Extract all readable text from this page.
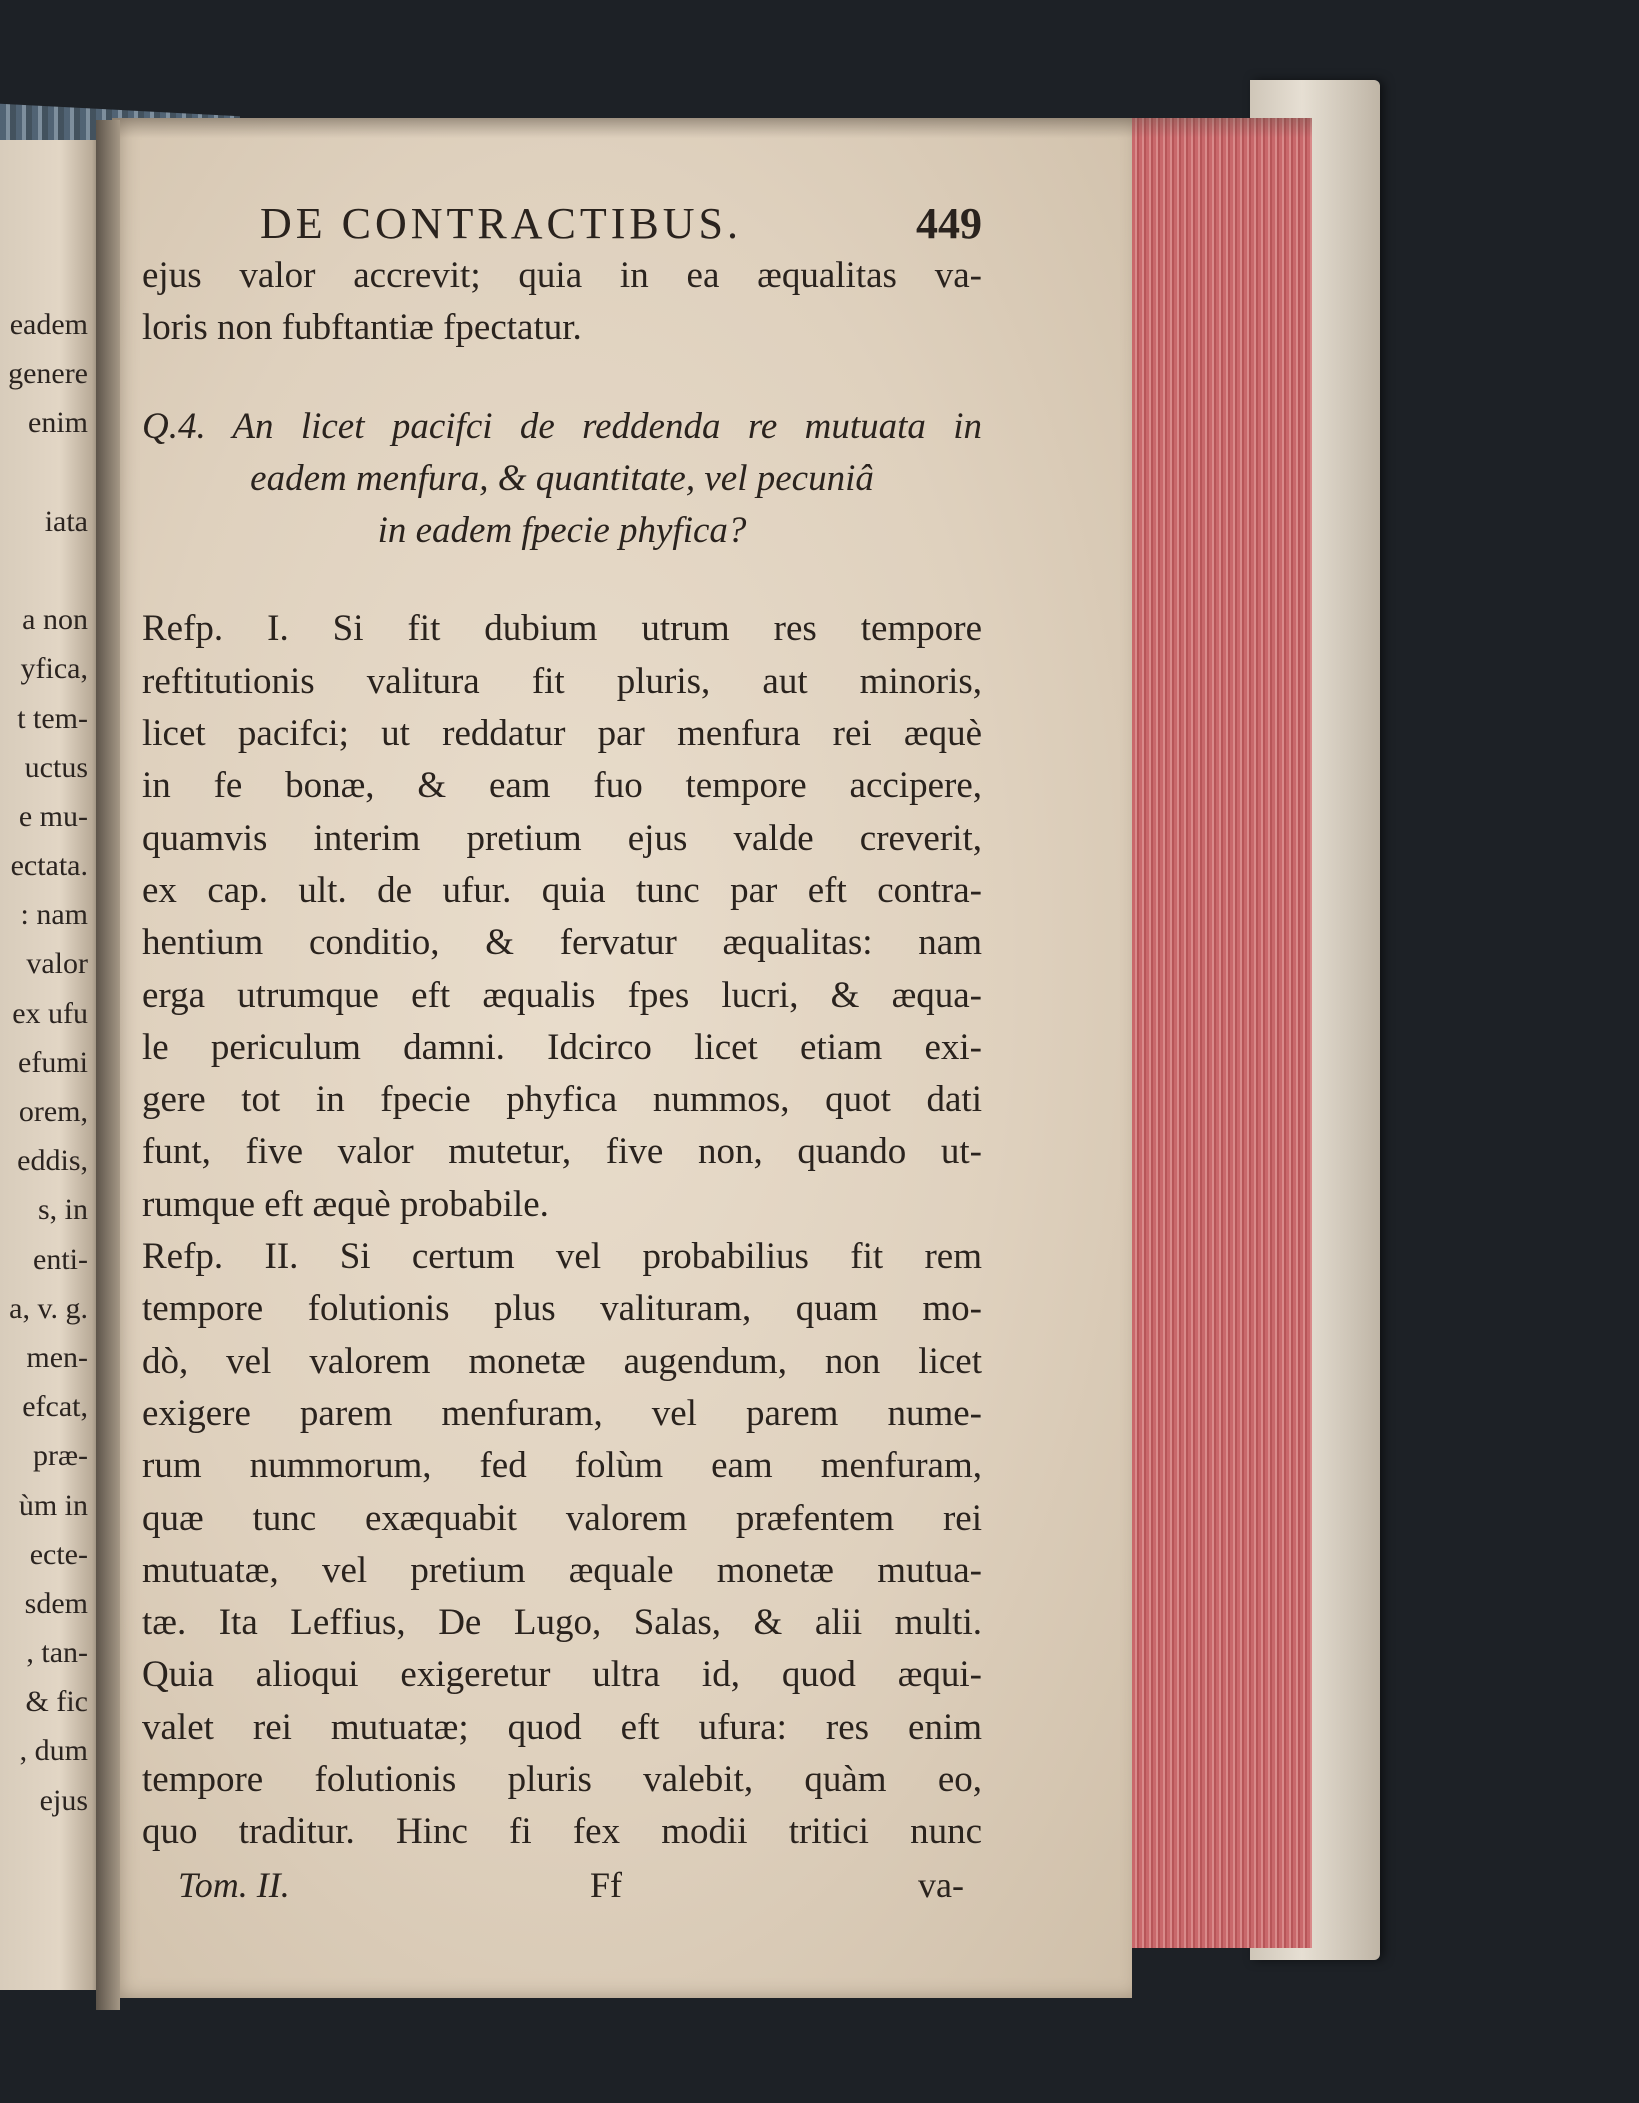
eadem
genere
enim
iata
a non
yfica,
t tem-
uctus
e mu-
ectata.
: nam
valor
ex ufu
efumi
orem,
eddis,
s, in
enti-
a, v. g.
men-
efcat,
præ-
ùm in
ecte-
sdem
, tan-
& fic
, dum
ejus
DE CONTRACTIBUS.	449
ejus valor accrevit; quia in ea æqualitas va-
loris non fubftantiæ fpectatur.
Q.4. An licet pacifci de reddenda re mutuata in
eadem menfura, & quantitate, vel pecuniâ
in eadem fpecie phyfica?
Refp. I. Si fit dubium utrum res tempore
reftitutionis valitura fit pluris, aut minoris,
licet pacifci; ut reddatur par menfura rei æquè
in fe bonæ, & eam fuo tempore accipere,
quamvis interim pretium ejus valde creverit,
ex cap. ult. de ufur. quia tunc par eft contra-
hentium conditio, & fervatur æqualitas: nam
erga utrumque eft æqualis fpes lucri, & æqua-
le periculum damni. Idcirco licet etiam exi-
gere tot in fpecie phyfica nummos, quot dati
funt, five valor mutetur, five non, quando ut-
rumque eft æquè probabile.
Refp. II. Si certum vel probabilius fit rem
tempore folutionis plus valituram, quam mo-
dò, vel valorem monetæ augendum, non licet
exigere parem menfuram, vel parem nume-
rum nummorum, fed folùm eam menfuram,
quæ tunc exæquabit valorem præfentem rei
mutuatæ, vel pretium æquale monetæ mutua-
tæ. Ita Leffius, De Lugo, Salas, & alii multi.
Quia alioqui exigeretur ultra id, quod æqui-
valet rei mutuatæ; quod eft ufura: res enim
tempore folutionis pluris valebit, quàm eo,
quo traditur. Hinc fi fex modii tritici nunc
Tom. II.	Ff	va-
